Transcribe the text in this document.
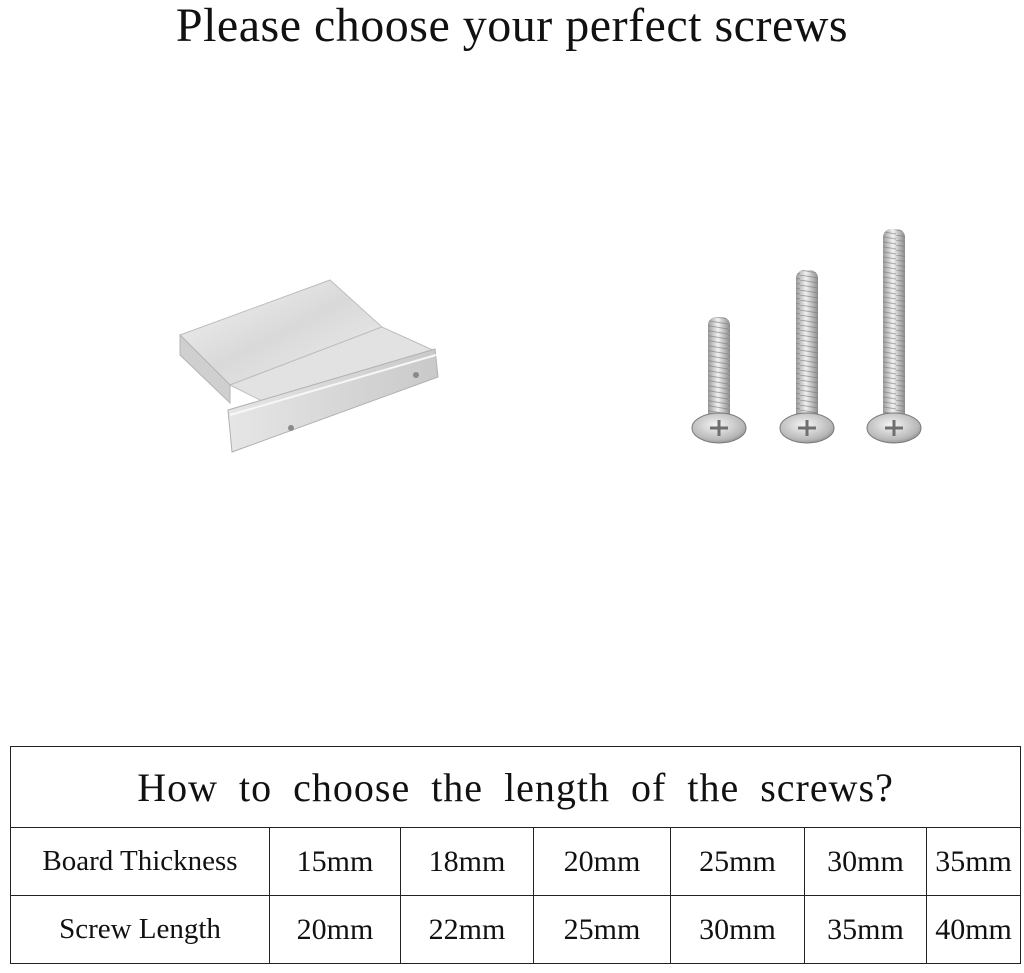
Please choose your perfect screws
How to choose the length of the screws?						
Board Thickness	15mm	18mm	20mm	25mm	30mm	35mm
Screw Length	20mm	22mm	25mm	30mm	35mm	40mm
